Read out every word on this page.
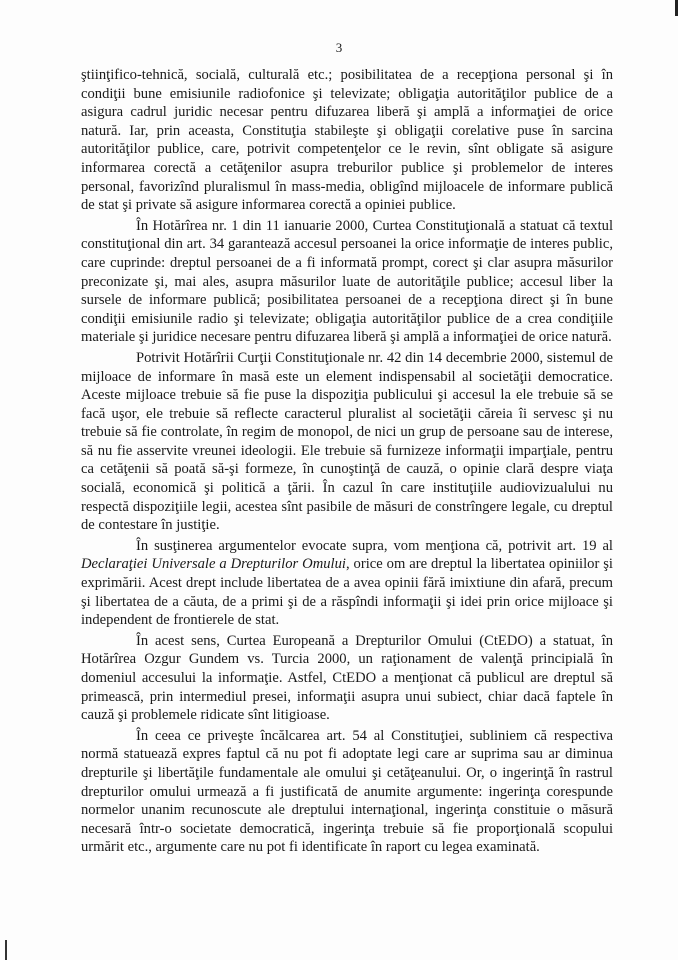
3

ştiinţifico-tehnică, socială, culturală etc.; posibilitatea de a recepţiona personal şi în condiţii bune emisiunile radiofonice şi televizate; obligaţia autorităţilor publice de a asigura cadrul juridic necesar pentru difuzarea liberă şi amplă a informaţiei de orice natură. Iar, prin aceasta, Constituţia stabileşte şi obligaţii corelative puse în sarcina autorităţilor publice, care, potrivit competenţelor ce le revin, sînt obligate să asigure informarea corectă a cetăţenilor asupra treburilor publice şi problemelor de interes personal, favorizînd pluralismul în mass-media, obligînd mijloacele de informare publică de stat şi private să asigure informarea corectă a opiniei publice.

În Hotărîrea nr. 1 din 11 ianuarie 2000, Curtea Constituţională a statuat că textul constituţional din art. 34 garantează accesul persoanei la orice informaţie de interes public, care cuprinde: dreptul persoanei de a fi informată prompt, corect şi clar asupra măsurilor preconizate şi, mai ales, asupra măsurilor luate de autorităţile publice; accesul liber la sursele de informare publică; posibilitatea persoanei de a recepţiona direct şi în bune condiţii emisiunile radio şi televizate; obligaţia autorităţilor publice de a crea condiţiile materiale şi juridice necesare pentru difuzarea liberă şi amplă a informaţiei de orice natură.

Potrivit Hotărîrii Curţii Constituţionale nr. 42 din 14 decembrie 2000, sistemul de mijloace de informare în masă este un element indispensabil al societăţii democratice. Aceste mijloace trebuie să fie puse la dispoziţia publicului şi accesul la ele trebuie să se facă uşor, ele trebuie să reflecte caracterul pluralist al societăţii căreia îi servesc şi nu trebuie să fie controlate, în regim de monopol, de nici un grup de persoane sau de interese, să nu fie asservite vreunei ideologii. Ele trebuie să furnizeze informaţii imparţiale, pentru ca cetăţenii să poată să-şi formeze, în cunoştinţă de cauză, o opinie clară despre viaţa socială, economică şi politică a ţării. În cazul în care instituţiile audiovizualului nu respectă dispoziţiile legii, acestea sînt pasibile de măsuri de constrîngere legale, cu dreptul de contestare în justiţie.

În susţinerea argumentelor evocate supra, vom menţiona că, potrivit art. 19 al Declaraţiei Universale a Drepturilor Omului, orice om are dreptul la libertatea opiniilor şi exprimării. Acest drept include libertatea de a avea opinii fără imixtiune din afară, precum şi libertatea de a căuta, de a primi şi de a răspîndi informaţii şi idei prin orice mijloace şi independent de frontierele de stat.

În acest sens, Curtea Europeană a Drepturilor Omului (CtEDO) a statuat, în Hotărîrea Ozgur Gundem vs. Turcia 2000, un raţionament de valenţă principială în domeniul accesului la informaţie. Astfel, CtEDO a menţionat că publicul are dreptul să primească, prin intermediul presei, informaţii asupra unui subiect, chiar dacă faptele în cauză şi problemele ridicate sînt litigioase.

În ceea ce priveşte încălcarea art. 54 al Constituţiei, subliniem că respectiva normă statuează expres faptul că nu pot fi adoptate legi care ar suprima sau ar diminua drepturile şi libertăţile fundamentale ale omului şi cetăţeanului. Or, o ingerinţă în rastrul drepturilor omului urmează a fi justificată de anumite argumente: ingerinţa corespunde normelor unanim recunoscute ale dreptului internaţional, ingerinţa constituie o măsură necesară într-o societate democratică, ingerinţa trebuie să fie proporţională scopului urmărit etc., argumente care nu pot fi identificate în raport cu legea examinată.
